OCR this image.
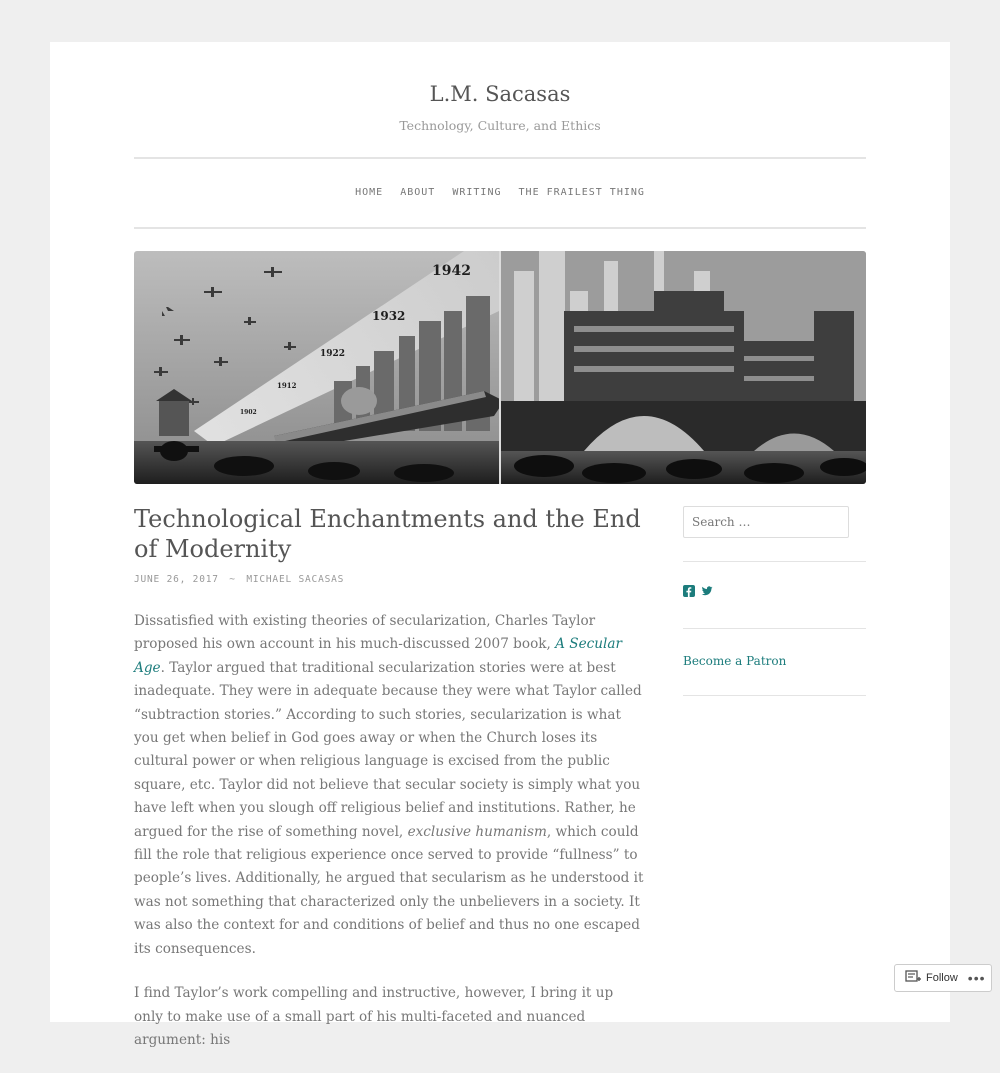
L.M. Sacasas
Technology, Culture, and Ethics
HOME ABOUT WRITING THE FRAILEST THING
1942
1932
1922
1912
1902
Technological Enchantments and the End of Modernity
JUNE 26, 2017 ~ MICHAEL SACASAS

Dissatisfied with existing theories of secularization, Charles Taylor proposed his own account in his much-discussed 2007 book, A Secular Age. Taylor argued that traditional secularization stories were at best inadequate. They were in adequate because they were what Taylor called “subtraction stories.” According to such stories, secularization is what you get when belief in God goes away or when the Church loses its cultural power or when religious language is excised from the public square, etc. Taylor did not believe that secular society is simply what you have left when you slough off religious belief and institutions. Rather, he argued for the rise of something novel, exclusive humanism, which could fill the role that religious experience once served to provide “fullness” to people’s lives. Additionally, he argued that secularism as he understood it was not something that characterized only the unbelievers in a society. It was also the context for and conditions of belief and thus no one escaped its consequences.

I find Taylor’s work compelling and instructive, however, I bring it up only to make use of a small part of his multi-faceted and nuanced argument: his

Search …
Become a Patron
Follow •••
